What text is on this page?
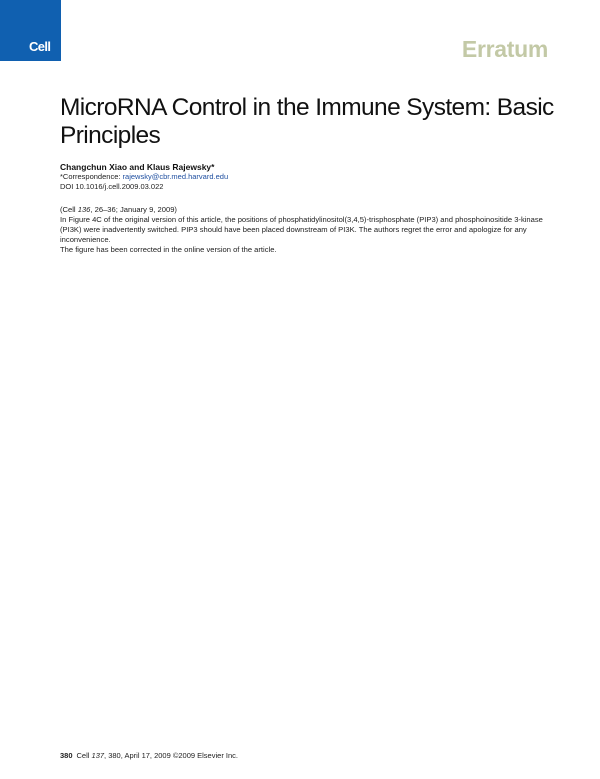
Cell	Erratum
MicroRNA Control in the Immune System: Basic Principles
Changchun Xiao and Klaus Rajewsky*
*Correspondence: rajewsky@cbr.med.harvard.edu
DOI 10.1016/j.cell.2009.03.022

(Cell 136, 26–36; January 9, 2009)

In Figure 4C of the original version of this article, the positions of phosphatidylinositol(3,4,5)-trisphosphate (PIP3) and phosphoinositide 3-kinase (PI3K) were inadvertently switched. PIP3 should have been placed downstream of PI3K. The authors regret the error and apologize for any inconvenience.

The figure has been corrected in the online version of the article.

380 Cell 137, 380, April 17, 2009 ©2009 Elsevier Inc.
